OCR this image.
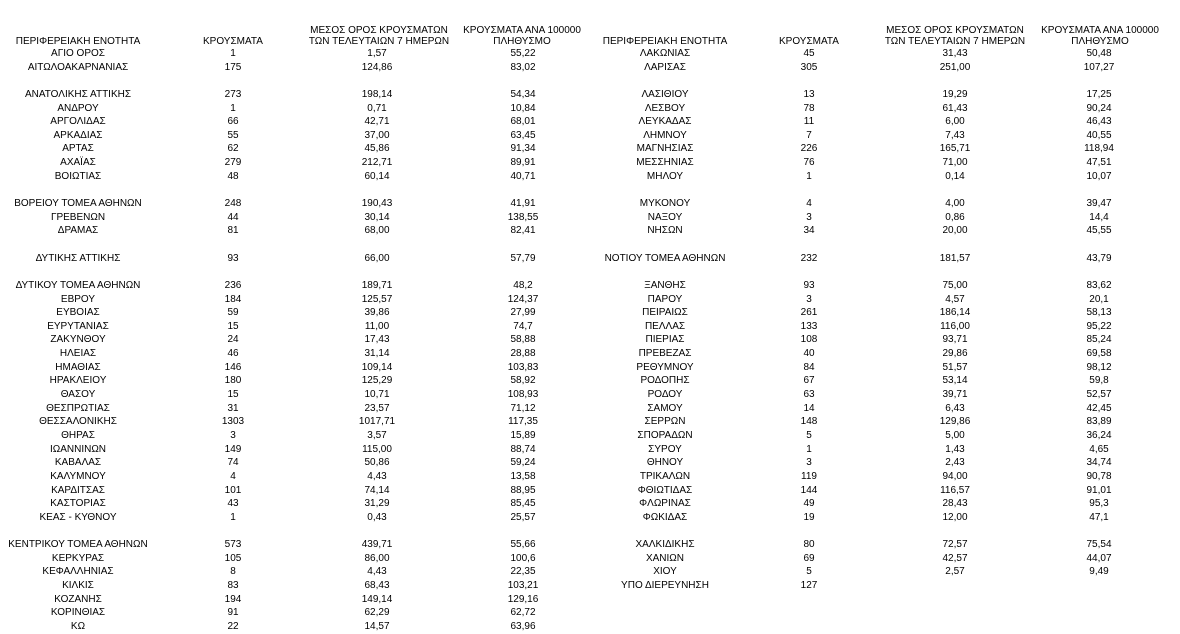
ΠΕΡΙΦΕΡΕΙΑΚΗ ΕΝΟΤΗΤΑ	ΚΡΟΥΣΜΑΤΑ
ΜΕΣΟΣ ΟΡΟΣ ΚΡΟΥΣΜΑΤΩΝ
ΤΩΝ ΤΕΛΕΥΤΑΙΩΝ 7 ΗΜΕΡΩΝ
ΚΡΟΥΣΜΑΤΑ ΑΝΑ 100000
ΠΛΗΘΥΣΜΟ
ΑΓΙΟ ΟΡΟΣ	1	1,57	55,22
ΑΙΤΩΛΟΑΚΑΡΝΑΝΙΑΣ	175	124,86	83,02
ΑΝΑΤΟΛΙΚΗΣ ΑΤΤΙΚΗΣ	273	198,14	54,34
ΑΝΔΡΟΥ	1	0,71	10,84
ΑΡΓΟΛΙΔΑΣ	66	42,71	68,01
ΑΡΚΑΔΙΑΣ	55	37,00	63,45
ΑΡΤΑΣ	62	45,86	91,34
ΑΧΑΪΑΣ	279	212,71	89,91
ΒΟΙΩΤΙΑΣ	48	60,14	40,71
ΒΟΡΕΙΟΥ ΤΟΜΕΑ ΑΘΗΝΩΝ	248	190,43	41,91
ΓΡΕΒΕΝΩΝ	44	30,14	138,55
ΔΡΑΜΑΣ	81	68,00	82,41
ΔΥΤΙΚΗΣ ΑΤΤΙΚΗΣ	93	66,00	57,79
ΔΥΤΙΚΟΥ ΤΟΜΕΑ ΑΘΗΝΩΝ	236	189,71	48,2
ΕΒΡΟΥ	184	125,57	124,37
ΕΥΒΟΙΑΣ	59	39,86	27,99
ΕΥΡΥΤΑΝΙΑΣ	15	11,00	74,7
ΖΑΚΥΝΘΟΥ	24	17,43	58,88
ΗΛΕΙΑΣ	46	31,14	28,88
ΗΜΑΘΙΑΣ	146	109,14	103,83
ΗΡΑΚΛΕΙΟΥ	180	125,29	58,92
ΘΑΣΟΥ	15	10,71	108,93
ΘΕΣΠΡΩΤΙΑΣ	31	23,57	71,12
ΘΕΣΣΑΛΟΝΙΚΗΣ	1303	1017,71	117,35
ΘΗΡΑΣ	3	3,57	15,89
ΙΩΑΝΝΙΝΩΝ	149	115,00	88,74
ΚΑΒΑΛΑΣ	74	50,86	59,24
ΚΑΛΥΜΝΟΥ	4	4,43	13,58
ΚΑΡΔΙΤΣΑΣ	101	74,14	88,95
ΚΑΣΤΟΡΙΑΣ	43	31,29	85,45
ΚΕΑΣ - ΚΥΘΝΟΥ	1	0,43	25,57
ΚΕΝΤΡΙΚΟΥ ΤΟΜΕΑ ΑΘΗΝΩΝ	573	439,71	55,66
ΚΕΡΚΥΡΑΣ	105	86,00	100,6
ΚΕΦΑΛΛΗΝΙΑΣ	8	4,43	22,35
ΚΙΛΚΙΣ	83	68,43	103,21
ΚΟΖΑΝΗΣ	194	149,14	129,16
ΚΟΡΙΝΘΙΑΣ	91	62,29	62,72
ΚΩ	22	14,57	63,96
ΠΕΡΙΦΕΡΕΙΑΚΗ ΕΝΟΤΗΤΑ	ΚΡΟΥΣΜΑΤΑ
ΜΕΣΟΣ ΟΡΟΣ ΚΡΟΥΣΜΑΤΩΝ
ΤΩΝ ΤΕΛΕΥΤΑΙΩΝ 7 ΗΜΕΡΩΝ
ΚΡΟΥΣΜΑΤΑ ΑΝΑ 100000
ΠΛΗΘΥΣΜΟ
ΛΑΚΩΝΙΑΣ	45	31,43	50,48
ΛΑΡΙΣΑΣ	305	251,00	107,27
ΛΑΣΙΘΙΟΥ	13	19,29	17,25
ΛΕΣΒΟΥ	78	61,43	90,24
ΛΕΥΚΑΔΑΣ	11	6,00	46,43
ΛΗΜΝΟΥ	7	7,43	40,55
ΜΑΓΝΗΣΙΑΣ	226	165,71	118,94
ΜΕΣΣΗΝΙΑΣ	76	71,00	47,51
ΜΗΛΟΥ	1	0,14	10,07
ΜΥΚΟΝΟΥ	4	4,00	39,47
ΝΑΞΟΥ	3	0,86	14,4
ΝΗΣΩΝ	34	20,00	45,55
ΝΟΤΙΟΥ ΤΟΜΕΑ ΑΘΗΝΩΝ	232	181,57	43,79
ΞΑΝΘΗΣ	93	75,00	83,62
ΠΑΡΟΥ	3	4,57	20,1
ΠΕΙΡΑΙΩΣ	261	186,14	58,13
ΠΕΛΛΑΣ	133	116,00	95,22
ΠΙΕΡΙΑΣ	108	93,71	85,24
ΠΡΕΒΕΖΑΣ	40	29,86	69,58
ΡΕΘΥΜΝΟΥ	84	51,57	98,12
ΡΟΔΟΠΗΣ	67	53,14	59,8
ΡΟΔΟΥ	63	39,71	52,57
ΣΑΜΟΥ	14	6,43	42,45
ΣΕΡΡΩΝ	148	129,86	83,89
ΣΠΟΡΑΔΩΝ	5	5,00	36,24
ΣΥΡΟΥ	1	1,43	4,65
ΘΗΝΟΥ	3	2,43	34,74
ΤΡΙΚΑΛΩΝ	119	94,00	90,78
ΦΘΙΩΤΙΔΑΣ	144	116,57	91,01
ΦΛΩΡΙΝΑΣ	49	28,43	95,3
ΦΩΚΙΔΑΣ	19	12,00	47,1
ΧΑΛΚΙΔΙΚΗΣ	80	72,57	75,54
ΧΑΝΙΩΝ	69	42,57	44,07
ΧΙΟΥ	5	2,57	9,49
ΥΠΟ ΔΙΕΡΕΥΝΗΣΗ	127
